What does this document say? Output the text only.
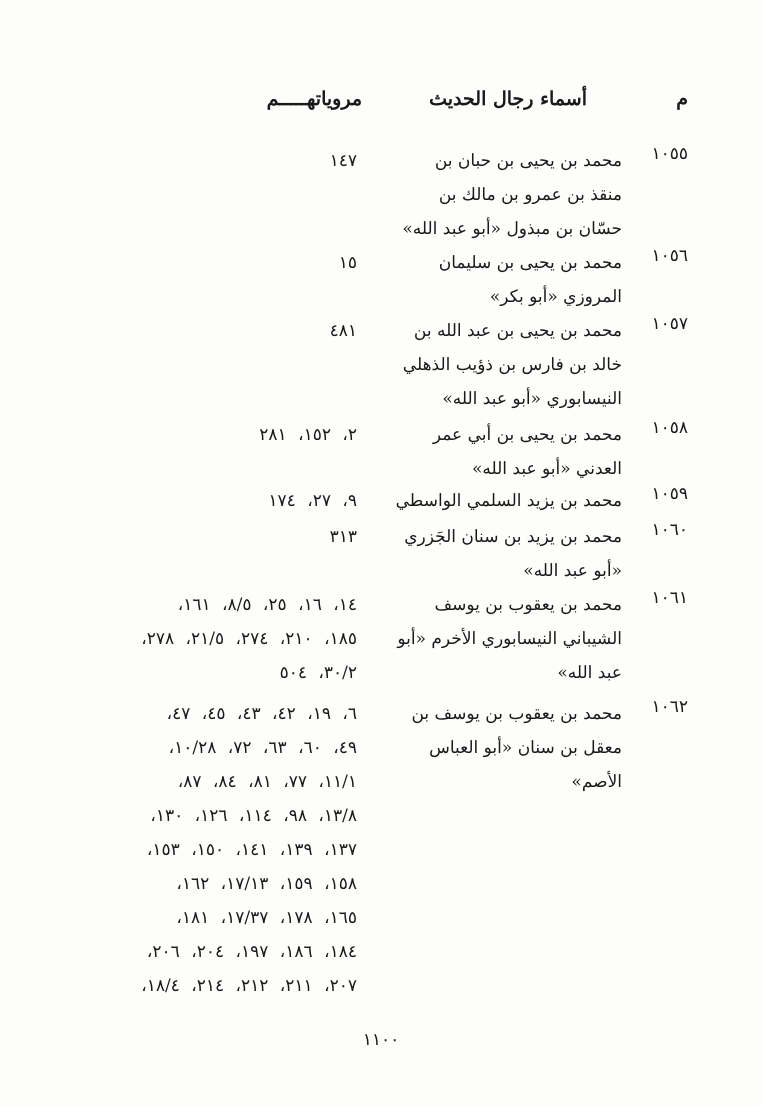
م
أسماء رجال الحديث
مروياتهـــــم
١٠٥٥
محمد بن يحيى بن حبان بن
منقذ بن عمرو بن مالك بن
حسّان بن مبذول «أبو عبد الله»
١٤٧
١٠٥٦
محمد بن يحيى بن سليمان
المروزي «أبو بكر»
١٥
١٠٥٧
محمد بن يحيى بن عبد الله بن
خالد بن فارس بن ذؤيب الذهلي
النيسابوري «أبو عبد الله»
٤٨١
١٠٥٨
محمد بن يحيى بن أبي عمر
العدني «أبو عبد الله»
٢، ١٥٢، ٢٨١
١٠٥٩
محمد بن يزيد السلمي الواسطي
٩، ٢٧، ١٧٤
١٠٦٠
محمد بن يزيد بن سنان الجَزري
«أبو عبد الله»
٣١٣
١٠٦١
محمد بن يعقوب بن يوسف
الشيباني النيسابوري الأخرم «أبو
عبد الله»
١٤، ١٦، ٢٥، ٨/٥، ١٦١،
١٨٥، ٢١٠، ٢٧٤، ٢١/٥، ٢٧٨،
٣٠/٢، ٥٠٤
١٠٦٢
محمد بن يعقوب بن يوسف بن
معقل بن سنان «أبو العباس
الأصم»
٦، ١٩، ٤٢، ٤٣، ٤٥، ٤٧،
٤٩، ٦٠، ٦٣، ٧٢، ١٠/٢٨،
١١/١، ٧٧، ٨١، ٨٤، ٨٧،
١٣/٨، ٩٨، ١١٤، ١٢٦، ١٣٠،
١٣٧، ١٣٩، ١٤١، ١٥٠، ١٥٣،
١٥٨، ١٥٩، ١٧/١٣، ١٦٢،
١٦٥، ١٧٨، ١٧/٣٧، ١٨١،
١٨٤، ١٨٦، ١٩٧، ٢٠٤، ٢٠٦،
٢٠٧، ٢١١، ٢١٢، ٢١٤، ١٨/٤،
١١٠٠
